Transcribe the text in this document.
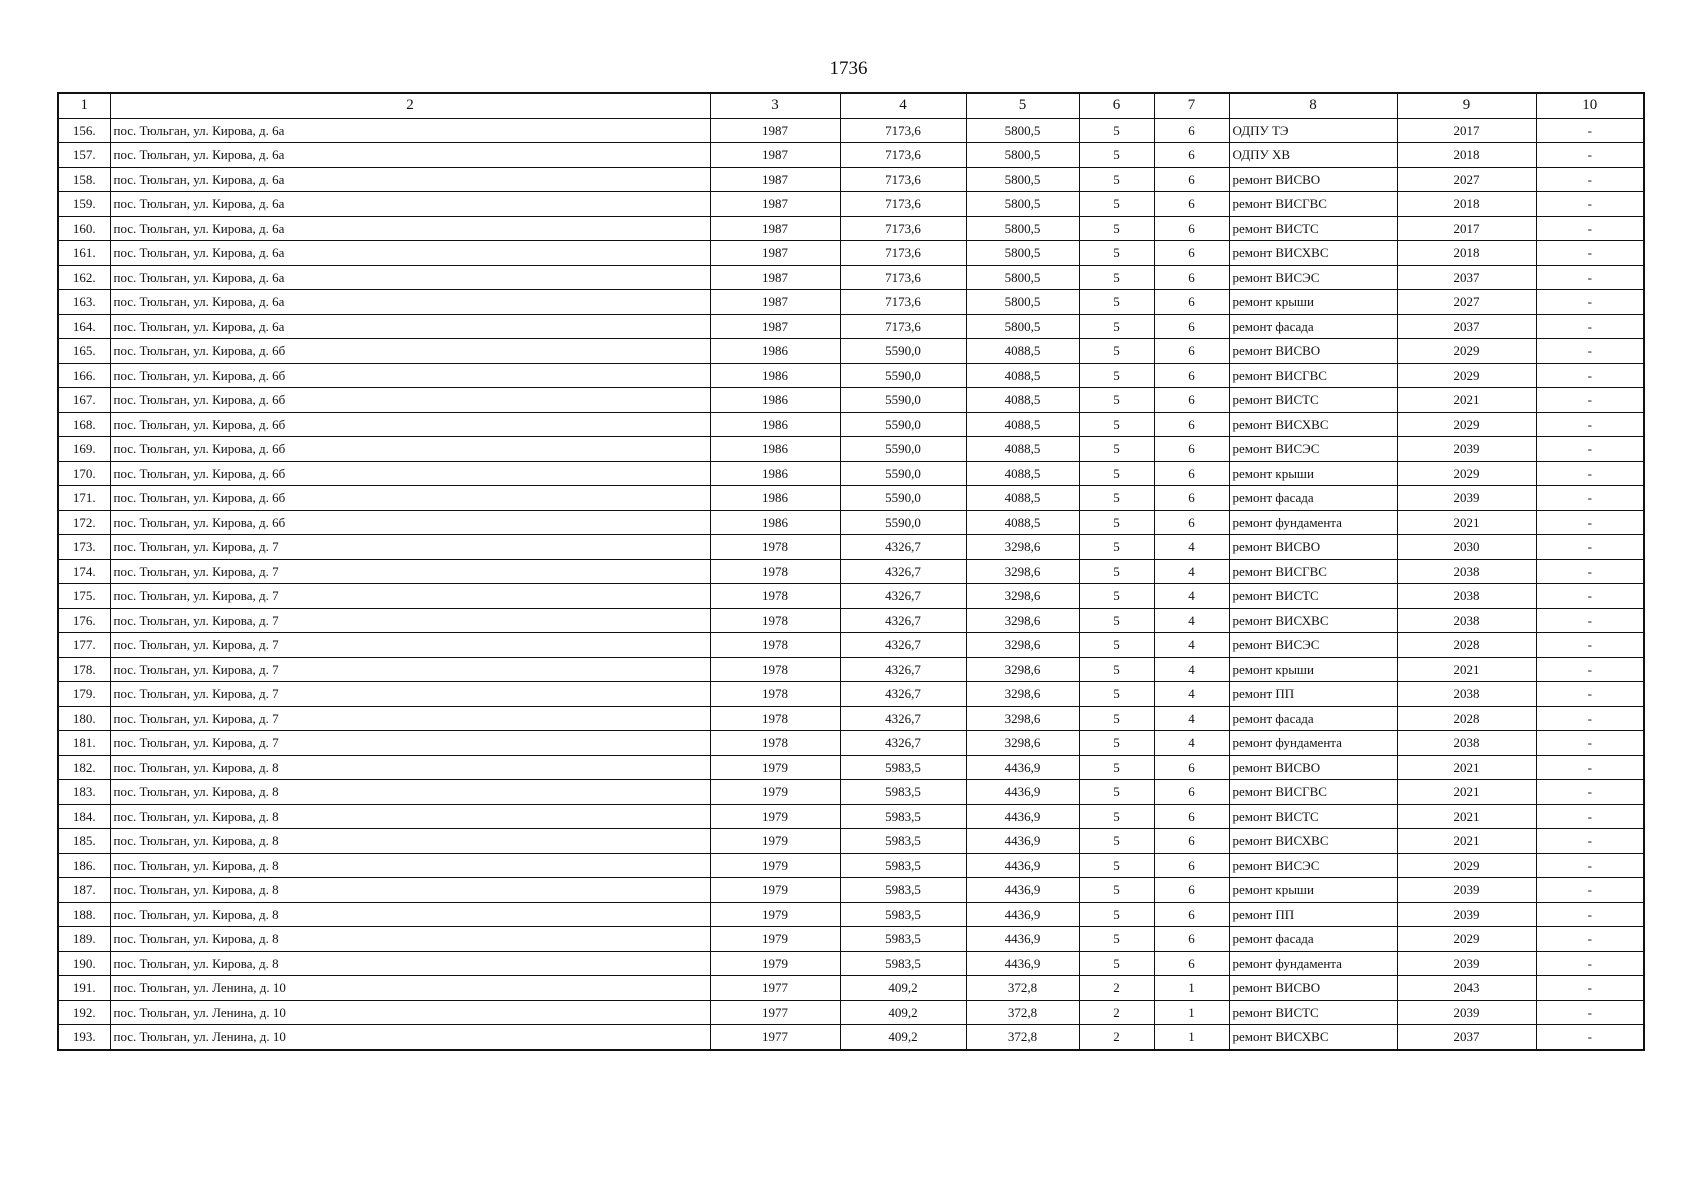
1736
1	2	3	4	5	6	7	8	9	10
156.	пос. Тюльган, ул. Кирова, д. 6а	1987	7173,6	5800,5	5	6	ОДПУ ТЭ	2017	-
157.	пос. Тюльган, ул. Кирова, д. 6а	1987	7173,6	5800,5	5	6	ОДПУ ХВ	2018	-
158.	пос. Тюльган, ул. Кирова, д. 6а	1987	7173,6	5800,5	5	6	ремонт ВИСВО	2027	-
159.	пос. Тюльган, ул. Кирова, д. 6а	1987	7173,6	5800,5	5	6	ремонт ВИСГВС	2018	-
160.	пос. Тюльган, ул. Кирова, д. 6а	1987	7173,6	5800,5	5	6	ремонт ВИСТС	2017	-
161.	пос. Тюльган, ул. Кирова, д. 6а	1987	7173,6	5800,5	5	6	ремонт ВИСХВС	2018	-
162.	пос. Тюльган, ул. Кирова, д. 6а	1987	7173,6	5800,5	5	6	ремонт ВИСЭС	2037	-
163.	пос. Тюльган, ул. Кирова, д. 6а	1987	7173,6	5800,5	5	6	ремонт крыши	2027	-
164.	пос. Тюльган, ул. Кирова, д. 6а	1987	7173,6	5800,5	5	6	ремонт фасада	2037	-
165.	пос. Тюльган, ул. Кирова, д. 6б	1986	5590,0	4088,5	5	6	ремонт ВИСВО	2029	-
166.	пос. Тюльган, ул. Кирова, д. 6б	1986	5590,0	4088,5	5	6	ремонт ВИСГВС	2029	-
167.	пос. Тюльган, ул. Кирова, д. 6б	1986	5590,0	4088,5	5	6	ремонт ВИСТС	2021	-
168.	пос. Тюльган, ул. Кирова, д. 6б	1986	5590,0	4088,5	5	6	ремонт ВИСХВС	2029	-
169.	пос. Тюльган, ул. Кирова, д. 6б	1986	5590,0	4088,5	5	6	ремонт ВИСЭС	2039	-
170.	пос. Тюльган, ул. Кирова, д. 6б	1986	5590,0	4088,5	5	6	ремонт крыши	2029	-
171.	пос. Тюльган, ул. Кирова, д. 6б	1986	5590,0	4088,5	5	6	ремонт фасада	2039	-
172.	пос. Тюльган, ул. Кирова, д. 6б	1986	5590,0	4088,5	5	6	ремонт фундамента	2021	-
173.	пос. Тюльган, ул. Кирова, д. 7	1978	4326,7	3298,6	5	4	ремонт ВИСВО	2030	-
174.	пос. Тюльган, ул. Кирова, д. 7	1978	4326,7	3298,6	5	4	ремонт ВИСГВС	2038	-
175.	пос. Тюльган, ул. Кирова, д. 7	1978	4326,7	3298,6	5	4	ремонт ВИСТС	2038	-
176.	пос. Тюльган, ул. Кирова, д. 7	1978	4326,7	3298,6	5	4	ремонт ВИСХВС	2038	-
177.	пос. Тюльган, ул. Кирова, д. 7	1978	4326,7	3298,6	5	4	ремонт ВИСЭС	2028	-
178.	пос. Тюльган, ул. Кирова, д. 7	1978	4326,7	3298,6	5	4	ремонт крыши	2021	-
179.	пос. Тюльган, ул. Кирова, д. 7	1978	4326,7	3298,6	5	4	ремонт ПП	2038	-
180.	пос. Тюльган, ул. Кирова, д. 7	1978	4326,7	3298,6	5	4	ремонт фасада	2028	-
181.	пос. Тюльган, ул. Кирова, д. 7	1978	4326,7	3298,6	5	4	ремонт фундамента	2038	-
182.	пос. Тюльган, ул. Кирова, д. 8	1979	5983,5	4436,9	5	6	ремонт ВИСВО	2021	-
183.	пос. Тюльган, ул. Кирова, д. 8	1979	5983,5	4436,9	5	6	ремонт ВИСГВС	2021	-
184.	пос. Тюльган, ул. Кирова, д. 8	1979	5983,5	4436,9	5	6	ремонт ВИСТС	2021	-
185.	пос. Тюльган, ул. Кирова, д. 8	1979	5983,5	4436,9	5	6	ремонт ВИСХВС	2021	-
186.	пос. Тюльган, ул. Кирова, д. 8	1979	5983,5	4436,9	5	6	ремонт ВИСЭС	2029	-
187.	пос. Тюльган, ул. Кирова, д. 8	1979	5983,5	4436,9	5	6	ремонт крыши	2039	-
188.	пос. Тюльган, ул. Кирова, д. 8	1979	5983,5	4436,9	5	6	ремонт ПП	2039	-
189.	пос. Тюльган, ул. Кирова, д. 8	1979	5983,5	4436,9	5	6	ремонт фасада	2029	-
190.	пос. Тюльган, ул. Кирова, д. 8	1979	5983,5	4436,9	5	6	ремонт фундамента	2039	-
191.	пос. Тюльган, ул. Ленина, д. 10	1977	409,2	372,8	2	1	ремонт ВИСВО	2043	-
192.	пос. Тюльган, ул. Ленина, д. 10	1977	409,2	372,8	2	1	ремонт ВИСТС	2039	-
193.	пос. Тюльган, ул. Ленина, д. 10	1977	409,2	372,8	2	1	ремонт ВИСХВС	2037	-
